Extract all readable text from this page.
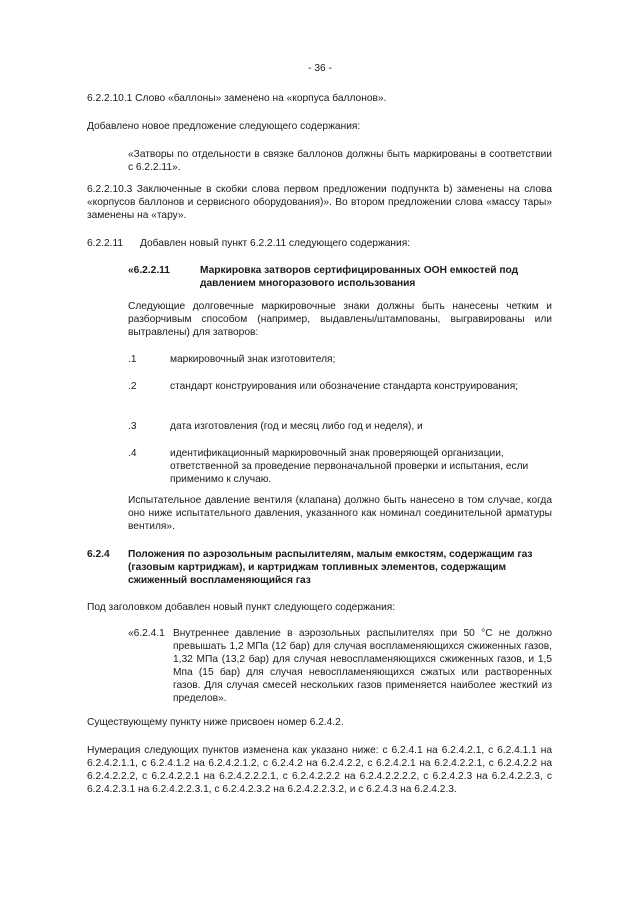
- 36 -

6.2.2.10.1 Слово «баллоны» заменено на «корпуса баллонов».

Добавлено новое предложение следующего содержания:

«Затворы по отдельности в связке баллонов должны быть маркированы в соответствии с 6.2.2.11».

6.2.2.10.3 Заключенные в скобки слова первом предложении подпункта b) заменены на слова «корпусов баллонов и сервисного оборудования)». Во втором предложении слова «массу тары» заменены на «тару».

6.2.2.11 Добавлен новый пункт 6.2.2.11 следующего содержания:

«6.2.2.11	Маркировка затворов сертифицированных ООН емкостей под давлением многоразового использования

Следующие долговечные маркировочные знаки должны быть нанесены четким и разборчивым способом (например, выдавлены/штампованы, выгравированы или вытравлены) для затворов:

.1	маркировочный знак изготовителя;

.2	стандарт конструирования или обозначение стандарта конструирования;

.3	дата изготовления (год и месяц либо год и неделя), и

.4	идентификационный маркировочный знак проверяющей организации, ответственной за проведение первоначальной проверки и испытания, если применимо к случаю.

Испытательное давление вентиля (клапана) должно быть нанесено в том случае, когда оно ниже испытательного давления, указанного как номинал соединительной арматуры вентиля».

6.2.4 Положения по аэрозольным распылителям, малым емкостям, содержащим газ (газовым картриджам), и картриджам топливных элементов, содержащим сжиженный воспламеняющийся газ

Под заголовком добавлен новый пункт следующего содержания:

«6.2.4.1 Внутреннее давление в аэрозольных распылителях при 50 °С не должно превышать 1,2 МПа (12 бар) для случая воспламеняющихся сжиженных газов, 1,32 МПа (13,2 бар) для случая невоспламеняющихся сжиженных газов, и 1,5 Мпа (15 бар) для случая невоспламеняющихся сжатых или растворенных газов. Для случая смесей нескольких газов применяется наиболее жесткий из пределов».

Существующему пункту ниже присвоен номер 6.2.4.2.

Нумерация следующих пунктов изменена как указано ниже: с 6.2.4.1 на 6.2.4.2.1, с 6.2.4.1.1 на 6.2.4.2.1.1, с 6.2.4.1.2 на 6.2.4.2.1.2, с 6.2.4.2 на 6.2.4.2.2, с 6.2.4.2.1 на 6.2.4.2.2.1, с 6.2.4.2.2 на 6.2.4.2.2.2, с 6.2.4.2.2.1 на 6.2.4.2.2.2.1, с 6.2.4.2.2.2 на 6.2.4.2.2.2.2, с 6.2.4.2.3 на 6.2.4.2.2.3, с 6.2.4.2.3.1 на 6.2.4.2.2.3.1, с 6.2.4.2.3.2 на 6.2.4.2.2.3.2, и с 6.2.4.3 на 6.2.4.2.3.
